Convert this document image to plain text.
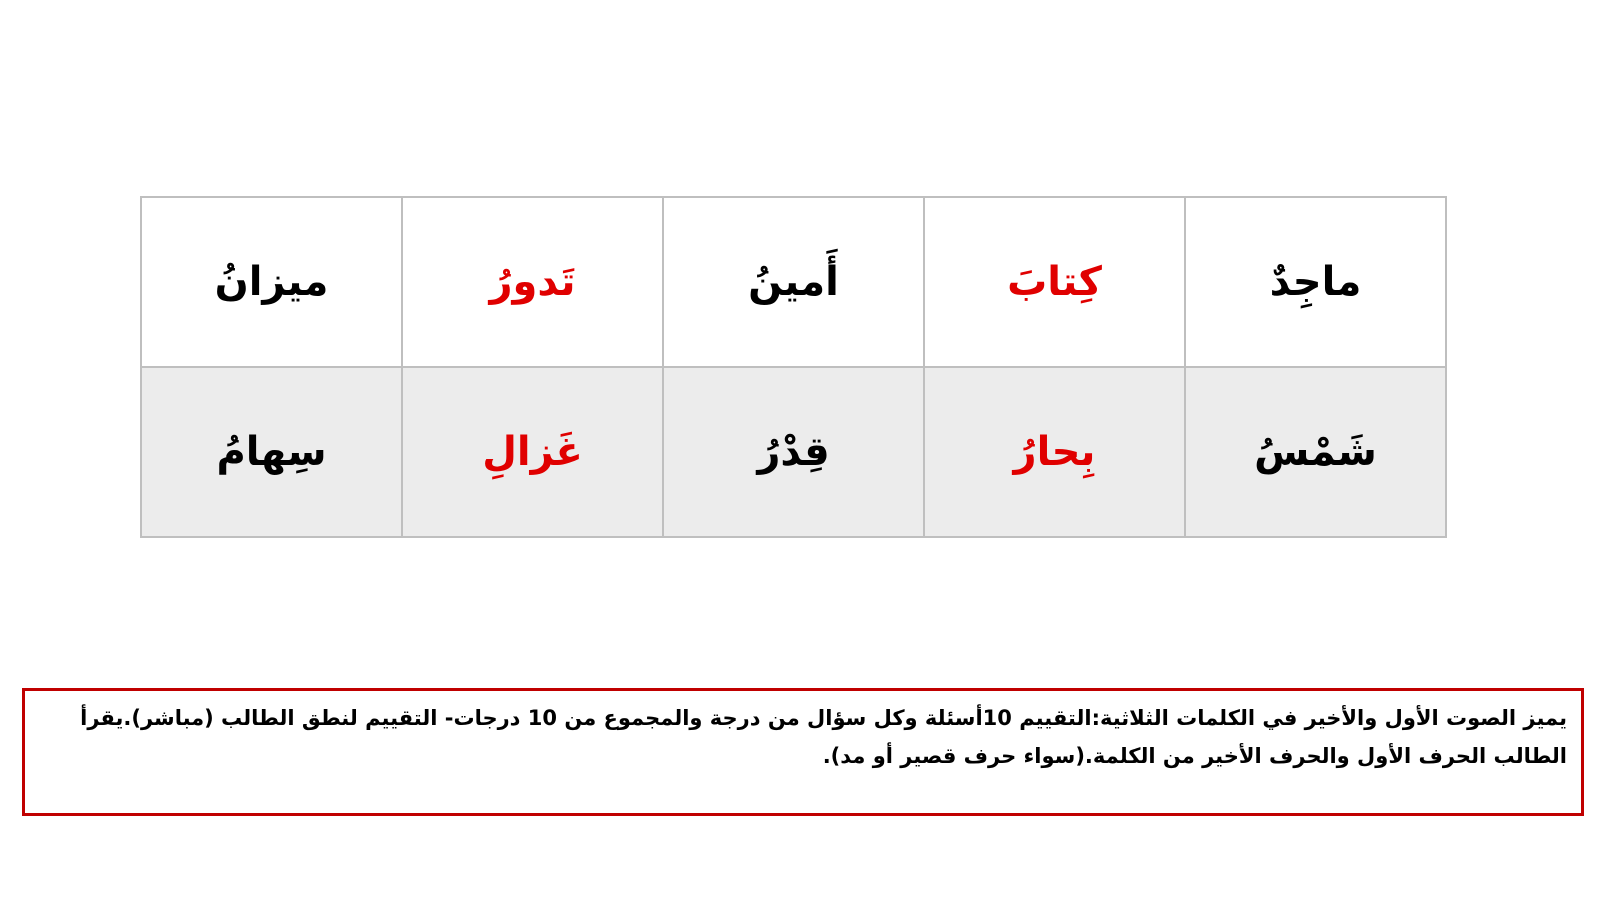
ماجِدٌ	كِتابَ	أَمينُ	تَدورُ	ميزانُ
شَمْسُ	بِحارُ	قِدْرُ	غَزالِ	سِهامُ

يميز الصوت الأول والأخير في الكلمات الثلاثية:التقييم 10أسئلة وكل سؤال من درجة والمجموع من 10 درجات- التقييم لنطق الطالب (مباشر).يقرأ الطالب الحرف الأول والحرف الأخير من الكلمة.(سواء حرف قصير أو مد).
